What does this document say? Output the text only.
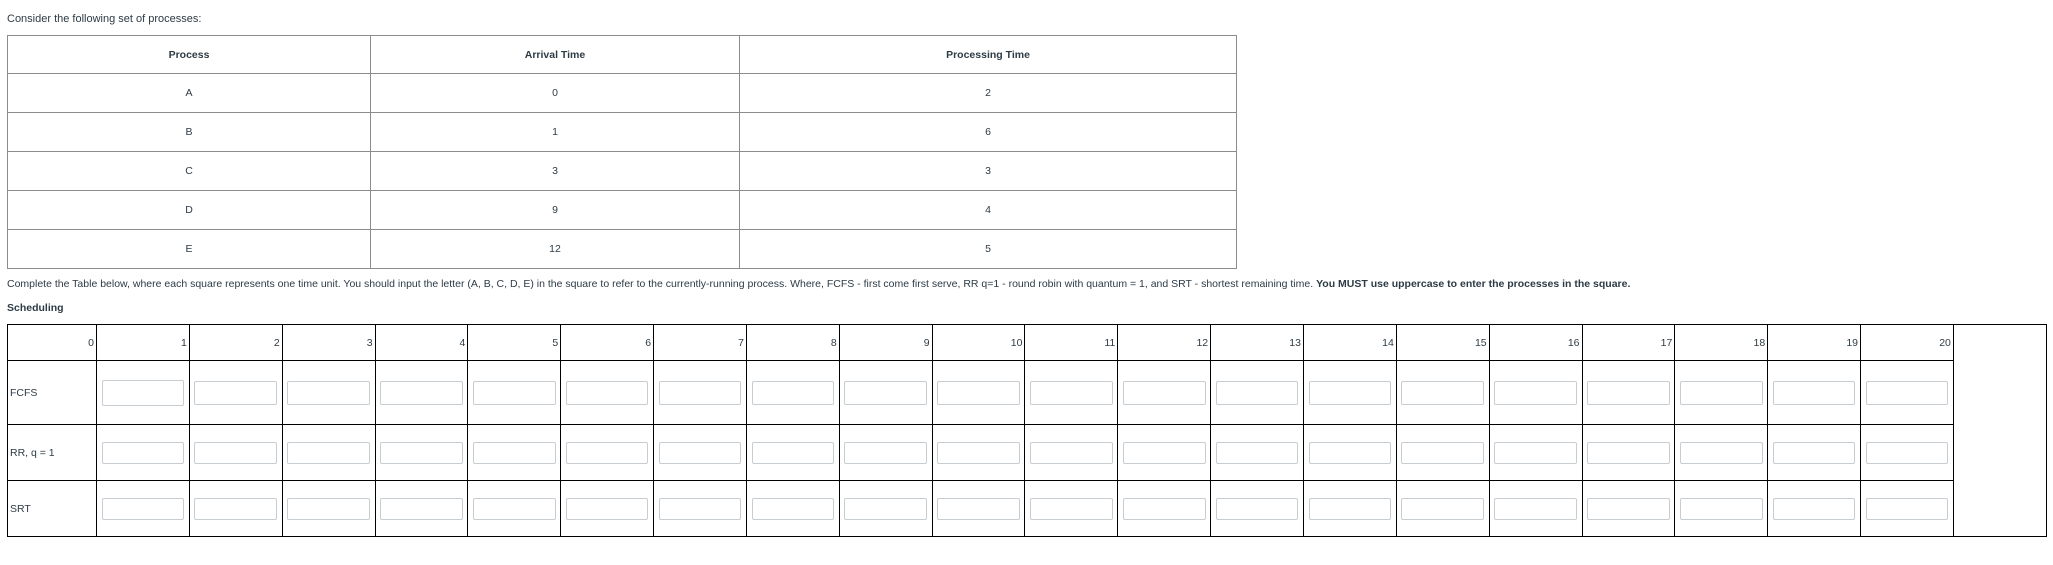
Consider the following set of processes:
Process	Arrival Time	Processing Time
A	0	2
B	1	6
C	3	3
D	9	4
E	12	5
Complete the Table below, where each square represents one time unit. You should input the letter (A, B, C, D, E) in the square to refer to the currently-running process. Where, FCFS - first come first serve, RR q=1 - round robin with quantum = 1, and SRT - shortest remaining time. You MUST use uppercase to enter the processes in the square.
Scheduling
0	1	2	3	4	5	6	7	8	9	10	11	12	13	14	15	16	17	18	19	20
FCFS																				
RR, q = 1																				
SRT																				
